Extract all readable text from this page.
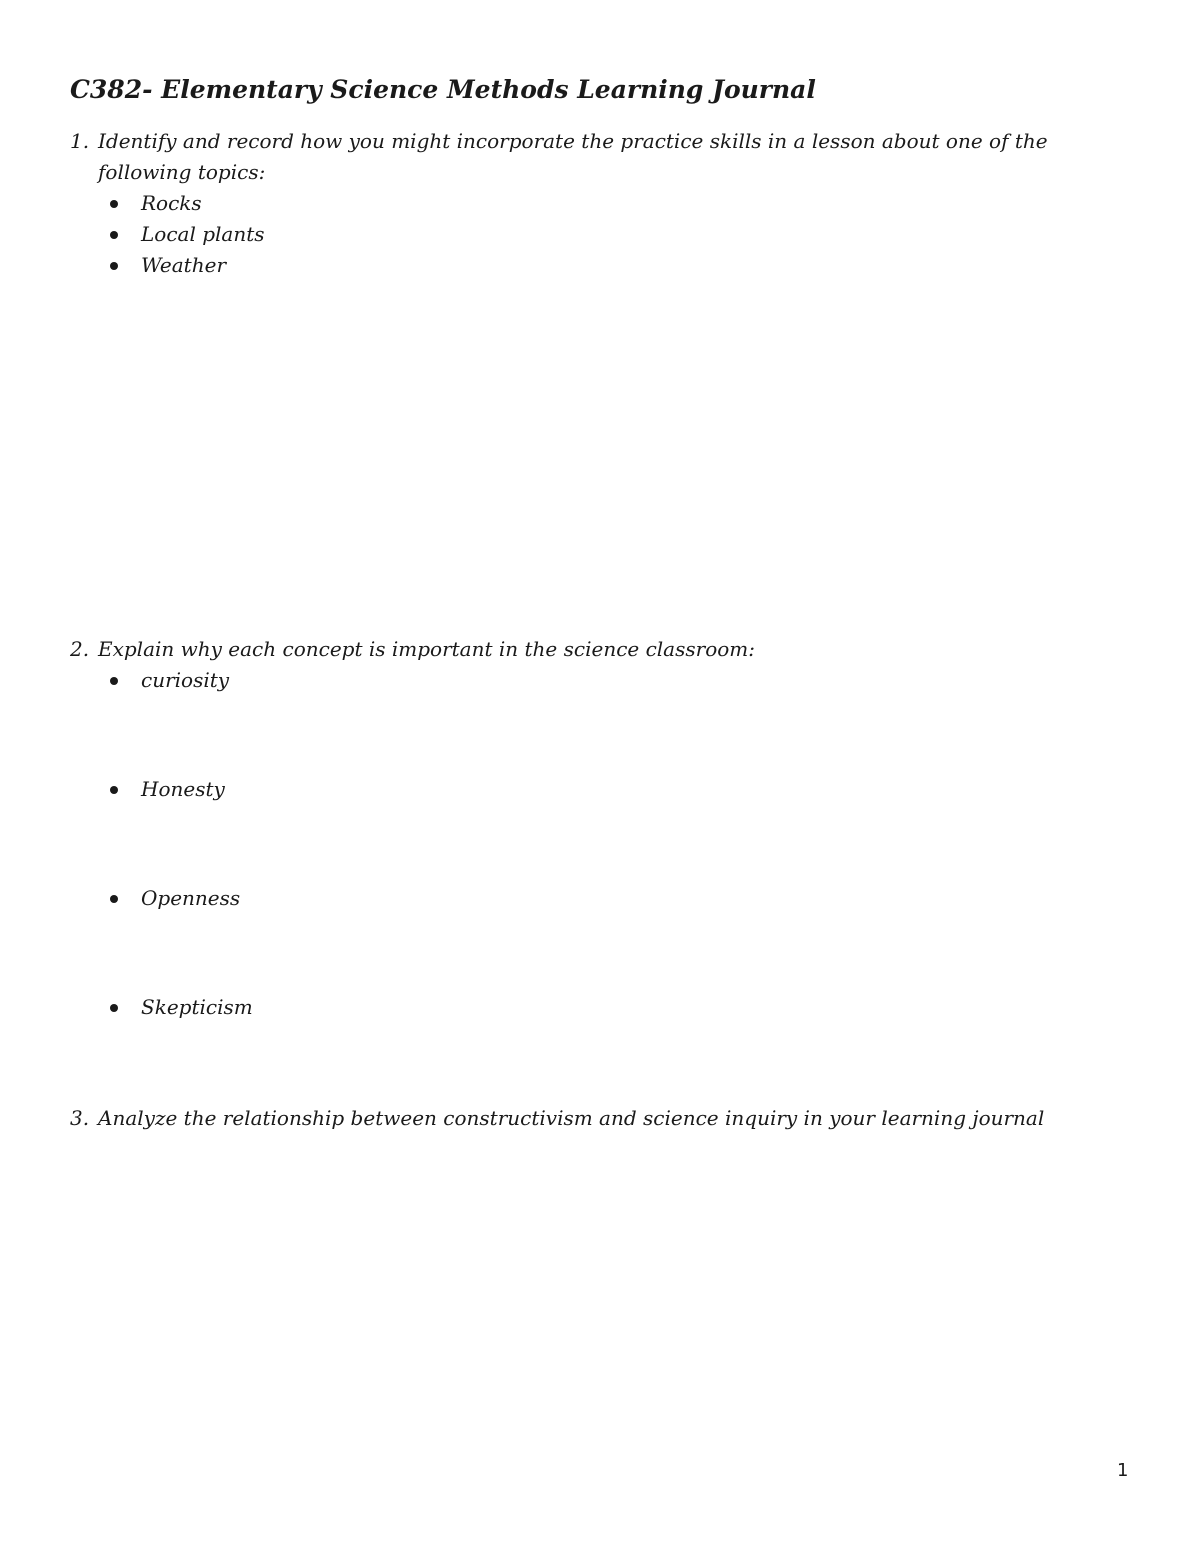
C382- Elementary Science Methods Learning Journal
1. Identify and record how you might incorporate the practice skills in a lesson about one of the following topics:
Rocks
Local plants
Weather
2. Explain why each concept is important in the science classroom:
curiosity
Honesty
Openness
Skepticism
3. Analyze the relationship between constructivism and science inquiry in your learning journal
1
